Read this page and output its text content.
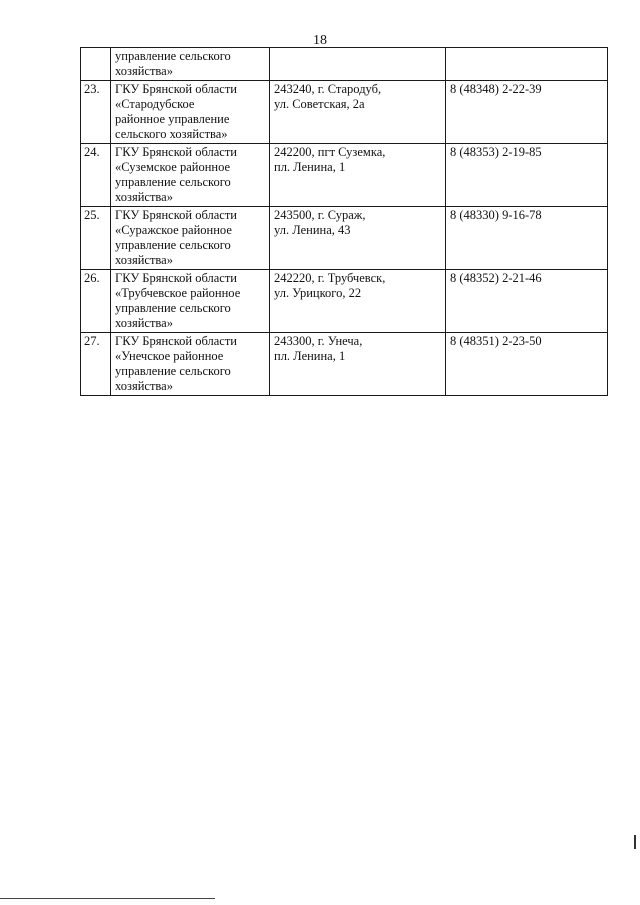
18

	управление сельского
хозяйства»		

23.	ГКУ Брянской области
«Стародубское
районное управление
сельского хозяйства»	243240, г. Стародуб,
ул. Советская, 2а	8 (48348) 2-22-39
24.	ГКУ Брянской области
«Суземское районное
управление сельского
хозяйства»	242200, пгт Суземка,
пл. Ленина, 1	8 (48353) 2-19-85
25.	ГКУ Брянской области
«Суражское районное
управление сельского
хозяйства»	243500, г. Сураж,
ул. Ленина, 43	8 (48330) 9-16-78
26.	ГКУ Брянской области
«Трубчевское районное
управление сельского
хозяйства»	242220, г. Трубчевск,
ул. Урицкого, 22	8 (48352) 2-21-46
27.	ГКУ Брянской области
«Унечское районное
управление сельского
хозяйства»	243300, г. Унеча,
пл. Ленина, 1	8 (48351) 2-23-50
